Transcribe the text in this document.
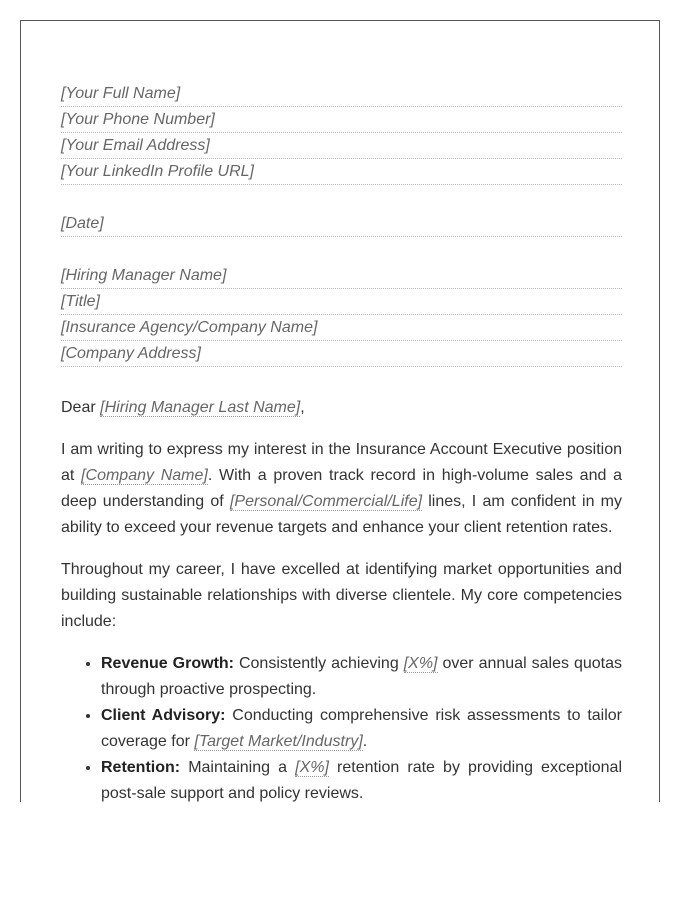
[Your Full Name]
[Your Phone Number]
[Your Email Address]
[Your LinkedIn Profile URL]
[Date]
[Hiring Manager Name]
[Title]
[Insurance Agency/Company Name]
[Company Address]
Dear [Hiring Manager Last Name],

I am writing to express my interest in the Insurance Account Executive position at [Company Name]. With a proven track record in high-volume sales and a deep understanding of [Personal/Commercial/Life] lines, I am confident in my ability to exceed your revenue targets and enhance your client retention rates.

Throughout my career, I have excelled at identifying market opportunities and building sustainable relationships with diverse clientele. My core competencies include:

• Revenue Growth: Consistently achieving [X%] over annual sales quotas through proactive prospecting.
• Client Advisory: Conducting comprehensive risk assessments to tailor coverage for [Target Market/Industry].
• Retention: Maintaining a [X%] retention rate by providing exceptional post-sale support and policy reviews.
